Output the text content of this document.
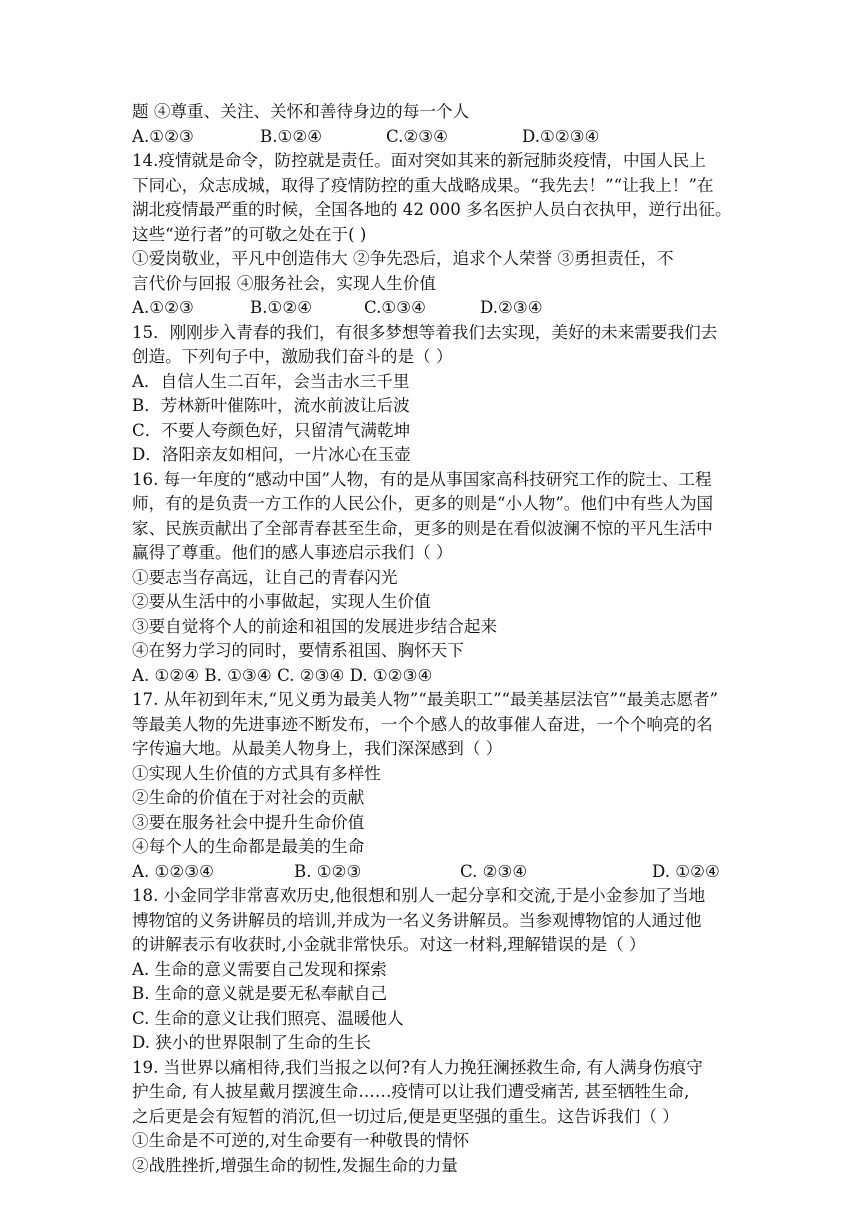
题 ④尊重、关注、关怀和善待身边的每一个人
A.①②③	B.①②④	C.②③④	D.①②③④
14.疫情就是命令，防控就是责任。面对突如其来的新冠肺炎疫情，中国人民上
下同心，众志成城，取得了疫情防控的重大战略成果。“我先去！”“让我上！”在
湖北疫情最严重的时候，全国各地的 42 000 多名医护人员白衣执甲，逆行出征。
这些“逆行者”的可敬之处在于( )
①爱岗敬业，平凡中创造伟大 ②争先恐后，追求个人荣誉 ③勇担责任，不
言代价与回报 ④服务社会，实现人生价值
A.①②③	B.①②④	C.①③④	D.②③④
15．刚刚步入青春的我们，有很多梦想等着我们去实现，美好的未来需要我们去
创造。下列句子中，激励我们奋斗的是（ ）
A．自信人生二百年，会当击水三千里
B．芳林新叶催陈叶，流水前波让后波
C．不要人夸颜色好，只留清气满乾坤
D．洛阳亲友如相问，一片冰心在玉壶
16. 每一年度的“感动中国”人物，有的是从事国家高科技研究工作的院士、工程
师，有的是负责一方工作的人民公仆，更多的则是“小人物”。他们中有些人为国
家、民族贡献出了全部青春甚至生命，更多的则是在看似波澜不惊的平凡生活中
赢得了尊重。他们的感人事迹启示我们（ ）
①要志当存高远，让自己的青春闪光
②要从生活中的小事做起，实现人生价值
③要自觉将个人的前途和祖国的发展进步结合起来
④在努力学习的同时，要情系祖国、胸怀天下
A. ①②④ B. ①③④ C. ②③④ D. ①②③④
17. 从年初到年末,“见义勇为最美人物”“最美职工”“最美基层法官”“最美志愿者”
等最美人物的先进事迹不断发布，一个个感人的故事催人奋进，一个个响亮的名
字传遍大地。从最美人物身上，我们深深感到（ ）
①实现人生价值的方式具有多样性
②生命的价值在于对社会的贡献
③要在服务社会中提升生命价值
④每个人的生命都是最美的生命
A. ①②③④	B. ①②③	C. ②③④	D. ①②④
18. 小金同学非常喜欢历史,他很想和别人一起分享和交流,于是小金参加了当地
博物馆的义务讲解员的培训,并成为一名义务讲解员。当参观博物馆的人通过他
的讲解表示有收获时,小金就非常快乐。对这一材料,理解错误的是（ ）
A. 生命的意义需要自己发现和探索
B. 生命的意义就是要无私奉献自己
C. 生命的意义让我们照亮、温暖他人
D. 狭小的世界限制了生命的生长
19. 当世界以痛相待,我们当报之以何?有人力挽狂澜拯救生命, 有人满身伤痕守
护生命, 有人披星戴月摆渡生命……疫情可以让我们遭受痛苦, 甚至牺牲生命,
之后更是会有短暂的消沉,但一切过后,便是更坚强的重生。这告诉我们（ ）
①生命是不可逆的,对生命要有一种敬畏的情怀
②战胜挫折,增强生命的韧性,发掘生命的力量
